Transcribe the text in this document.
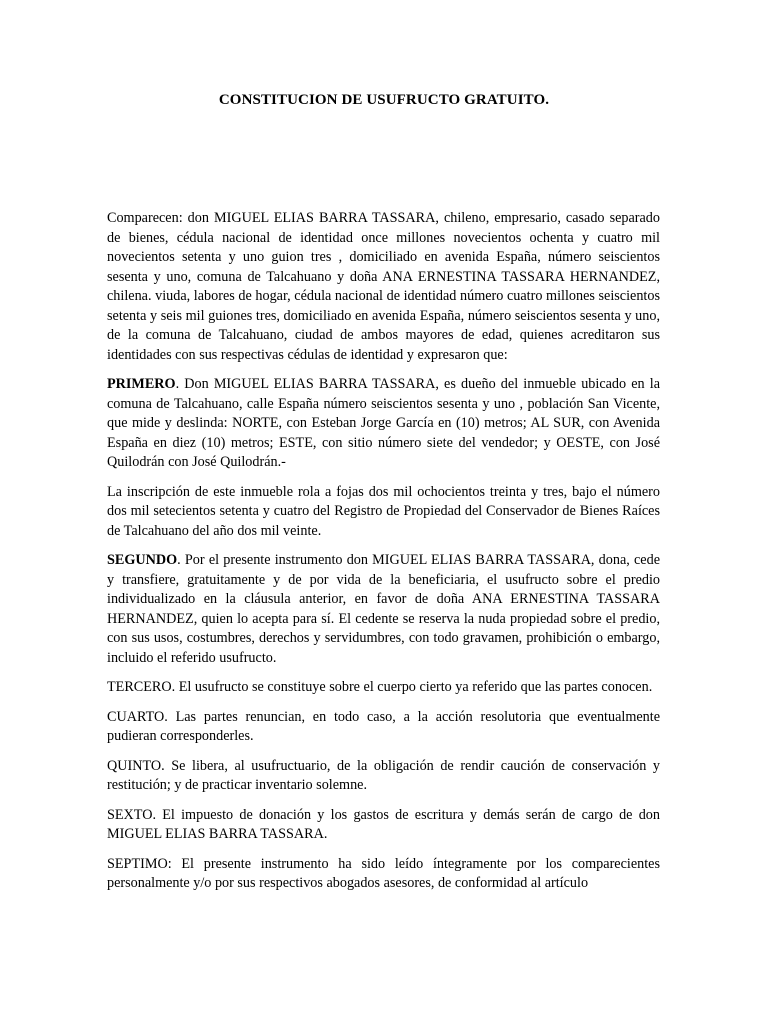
CONSTITUCION DE USUFRUCTO GRATUITO.

Comparecen: don MIGUEL ELIAS BARRA TASSARA, chileno, empresario, casado separado de bienes, cédula nacional de identidad once millones novecientos ochenta y cuatro mil novecientos setenta y uno guion tres , domiciliado en avenida España, número seiscientos sesenta y uno, comuna de Talcahuano y doña ANA ERNESTINA TASSARA HERNANDEZ, chilena. viuda, labores de hogar, cédula nacional de identidad número cuatro millones seiscientos setenta y seis mil guiones tres, domiciliado en avenida España, número seiscientos sesenta y uno, de la comuna de Talcahuano, ciudad de ambos mayores de edad, quienes acreditaron sus identidades con sus respectivas cédulas de identidad y expresaron que:

PRIMERO. Don MIGUEL ELIAS BARRA TASSARA, es dueño del inmueble ubicado en la comuna de Talcahuano, calle España número seiscientos sesenta y uno , población San Vicente, que mide y deslinda: NORTE, con Esteban Jorge García en (10) metros; AL SUR, con Avenida España en diez (10) metros; ESTE, con sitio número siete del vendedor; y OESTE, con José Quilodrán con José Quilodrán.-

La inscripción de este inmueble rola a fojas dos mil ochocientos treinta y tres, bajo el número dos mil setecientos setenta y cuatro del Registro de Propiedad del Conservador de Bienes Raíces de Talcahuano del año dos mil veinte.

SEGUNDO. Por el presente instrumento don MIGUEL ELIAS BARRA TASSARA, dona, cede y transfiere, gratuitamente y de por vida de la beneficiaria, el usufructo sobre el predio individualizado en la cláusula anterior, en favor de doña ANA ERNESTINA TASSARA HERNANDEZ, quien lo acepta para sí. El cedente se reserva la nuda propiedad sobre el predio, con sus usos, costumbres, derechos y servidumbres, con todo gravamen, prohibición o embargo, incluido el referido usufructo.

TERCERO. El usufructo se constituye sobre el cuerpo cierto ya referido que las partes conocen.

CUARTO. Las partes renuncian, en todo caso, a la acción resolutoria que eventualmente pudieran corresponderles.

QUINTO. Se libera, al usufructuario, de la obligación de rendir caución de conservación y restitución; y de practicar inventario solemne.

SEXTO. El impuesto de donación y los gastos de escritura y demás serán de cargo de don MIGUEL ELIAS BARRA TASSARA.

SEPTIMO: El presente instrumento ha sido leído íntegramente por los comparecientes personalmente y/o por sus respectivos abogados asesores, de conformidad al artículo
